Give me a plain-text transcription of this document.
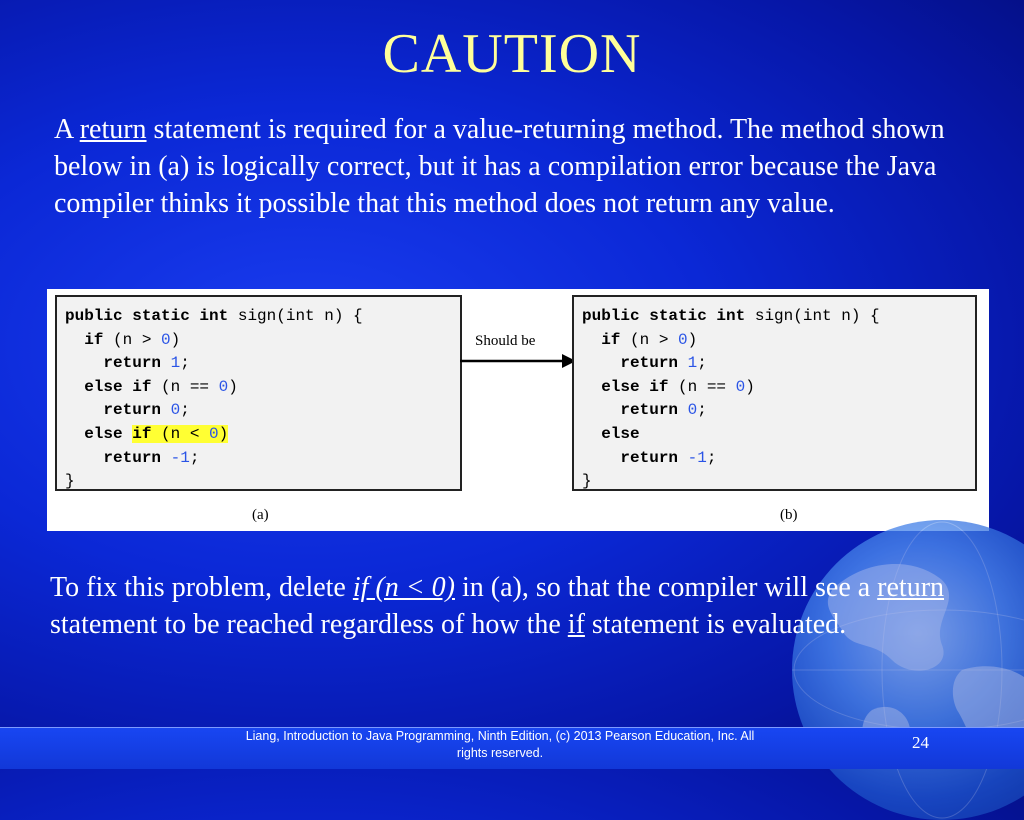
CAUTION
A return statement is required for a value-returning method. The method shown below in (a) is logically correct, but it has a compilation error because the Java compiler thinks it possible that this method does not return any value.
public static int sign(int n) {
if (n > 0)
return 1;
else if (n == 0)
return 0;
else if (n < 0)
return -1;
}
Should be
public static int sign(int n) {
if (n > 0)
return 1;
else if (n == 0)
return 0;
else
return -1;
}
(a)	(b)
To fix this problem, delete if (n < 0) in (a), so that the compiler will see a return statement to be reached regardless of how the if statement is evaluated.
Liang, Introduction to Java Programming, Ninth Edition, (c) 2013 Pearson Education, Inc. All
rights reserved.
24
